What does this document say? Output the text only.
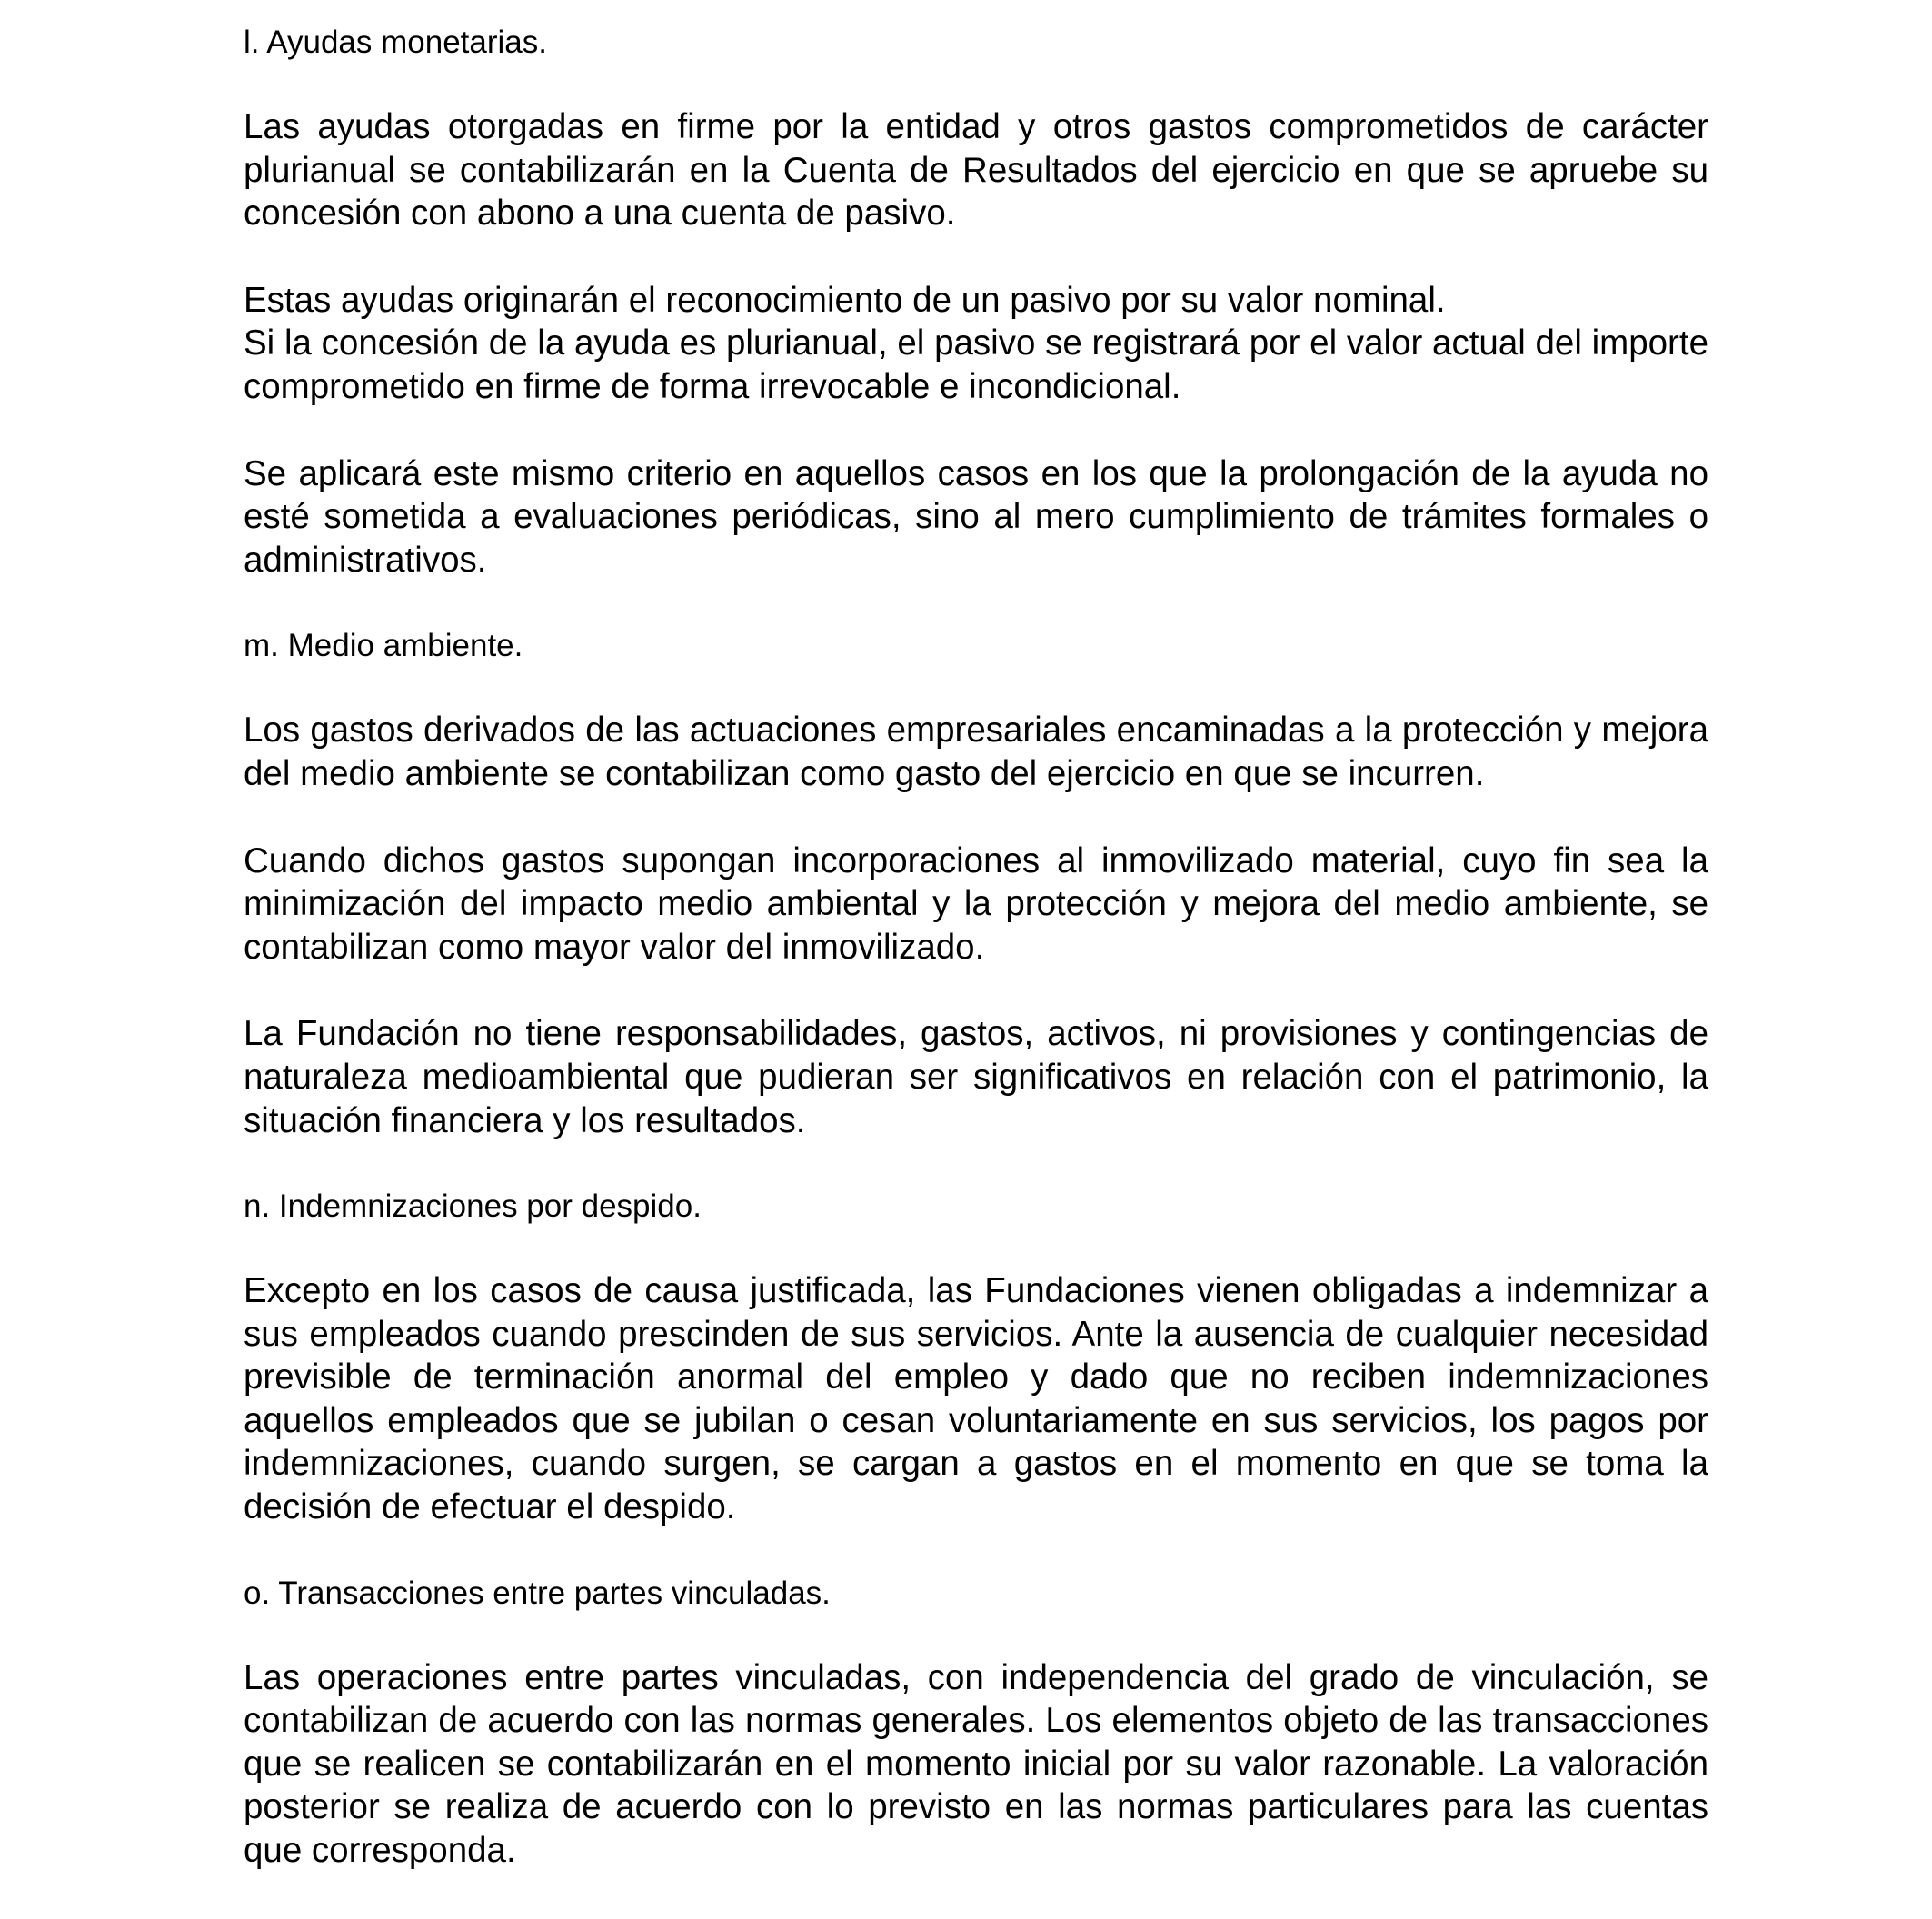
l. Ayudas monetarias.

Las ayudas otorgadas en firme por la entidad y otros gastos comprometidos de carácter plurianual se contabilizarán en la Cuenta de Resultados del ejercicio en que se apruebe su concesión con abono a una cuenta de pasivo.

Estas ayudas originarán el reconocimiento de un pasivo por su valor nominal.
Si la concesión de la ayuda es plurianual, el pasivo se registrará por el valor actual del importe comprometido en firme de forma irrevocable e incondicional.

Se aplicará este mismo criterio en aquellos casos en los que la prolongación de la ayuda no esté sometida a evaluaciones periódicas, sino al mero cumplimiento de trámites formales o administrativos.

m. Medio ambiente.

Los gastos derivados de las actuaciones empresariales encaminadas a la protección y mejora del medio ambiente se contabilizan como gasto del ejercicio en que se incurren.

Cuando dichos gastos supongan incorporaciones al inmovilizado material, cuyo fin sea la minimización del impacto medio ambiental y la protección y mejora del medio ambiente, se contabilizan como mayor valor del inmovilizado.

La Fundación no tiene responsabilidades, gastos, activos, ni provisiones y contingencias de naturaleza medioambiental que pudieran ser significativos en relación con el patrimonio, la situación financiera y los resultados.

n. Indemnizaciones por despido.

Excepto en los casos de causa justificada, las Fundaciones vienen obligadas a indemnizar a sus empleados cuando prescinden de sus servicios. Ante la ausencia de cualquier necesidad previsible de terminación anormal del empleo y dado que no reciben indemnizaciones aquellos empleados que se jubilan o cesan voluntariamente en sus servicios, los pagos por indemnizaciones, cuando surgen, se cargan a gastos en el momento en que se toma la decisión de efectuar el despido.

o. Transacciones entre partes vinculadas.

Las operaciones entre partes vinculadas, con independencia del grado de vinculación, se contabilizan de acuerdo con las normas generales. Los elementos objeto de las transacciones que se realicen se contabilizarán en el momento inicial por su valor razonable. La valoración posterior se realiza de acuerdo con lo previsto en las normas particulares para las cuentas que corresponda.
